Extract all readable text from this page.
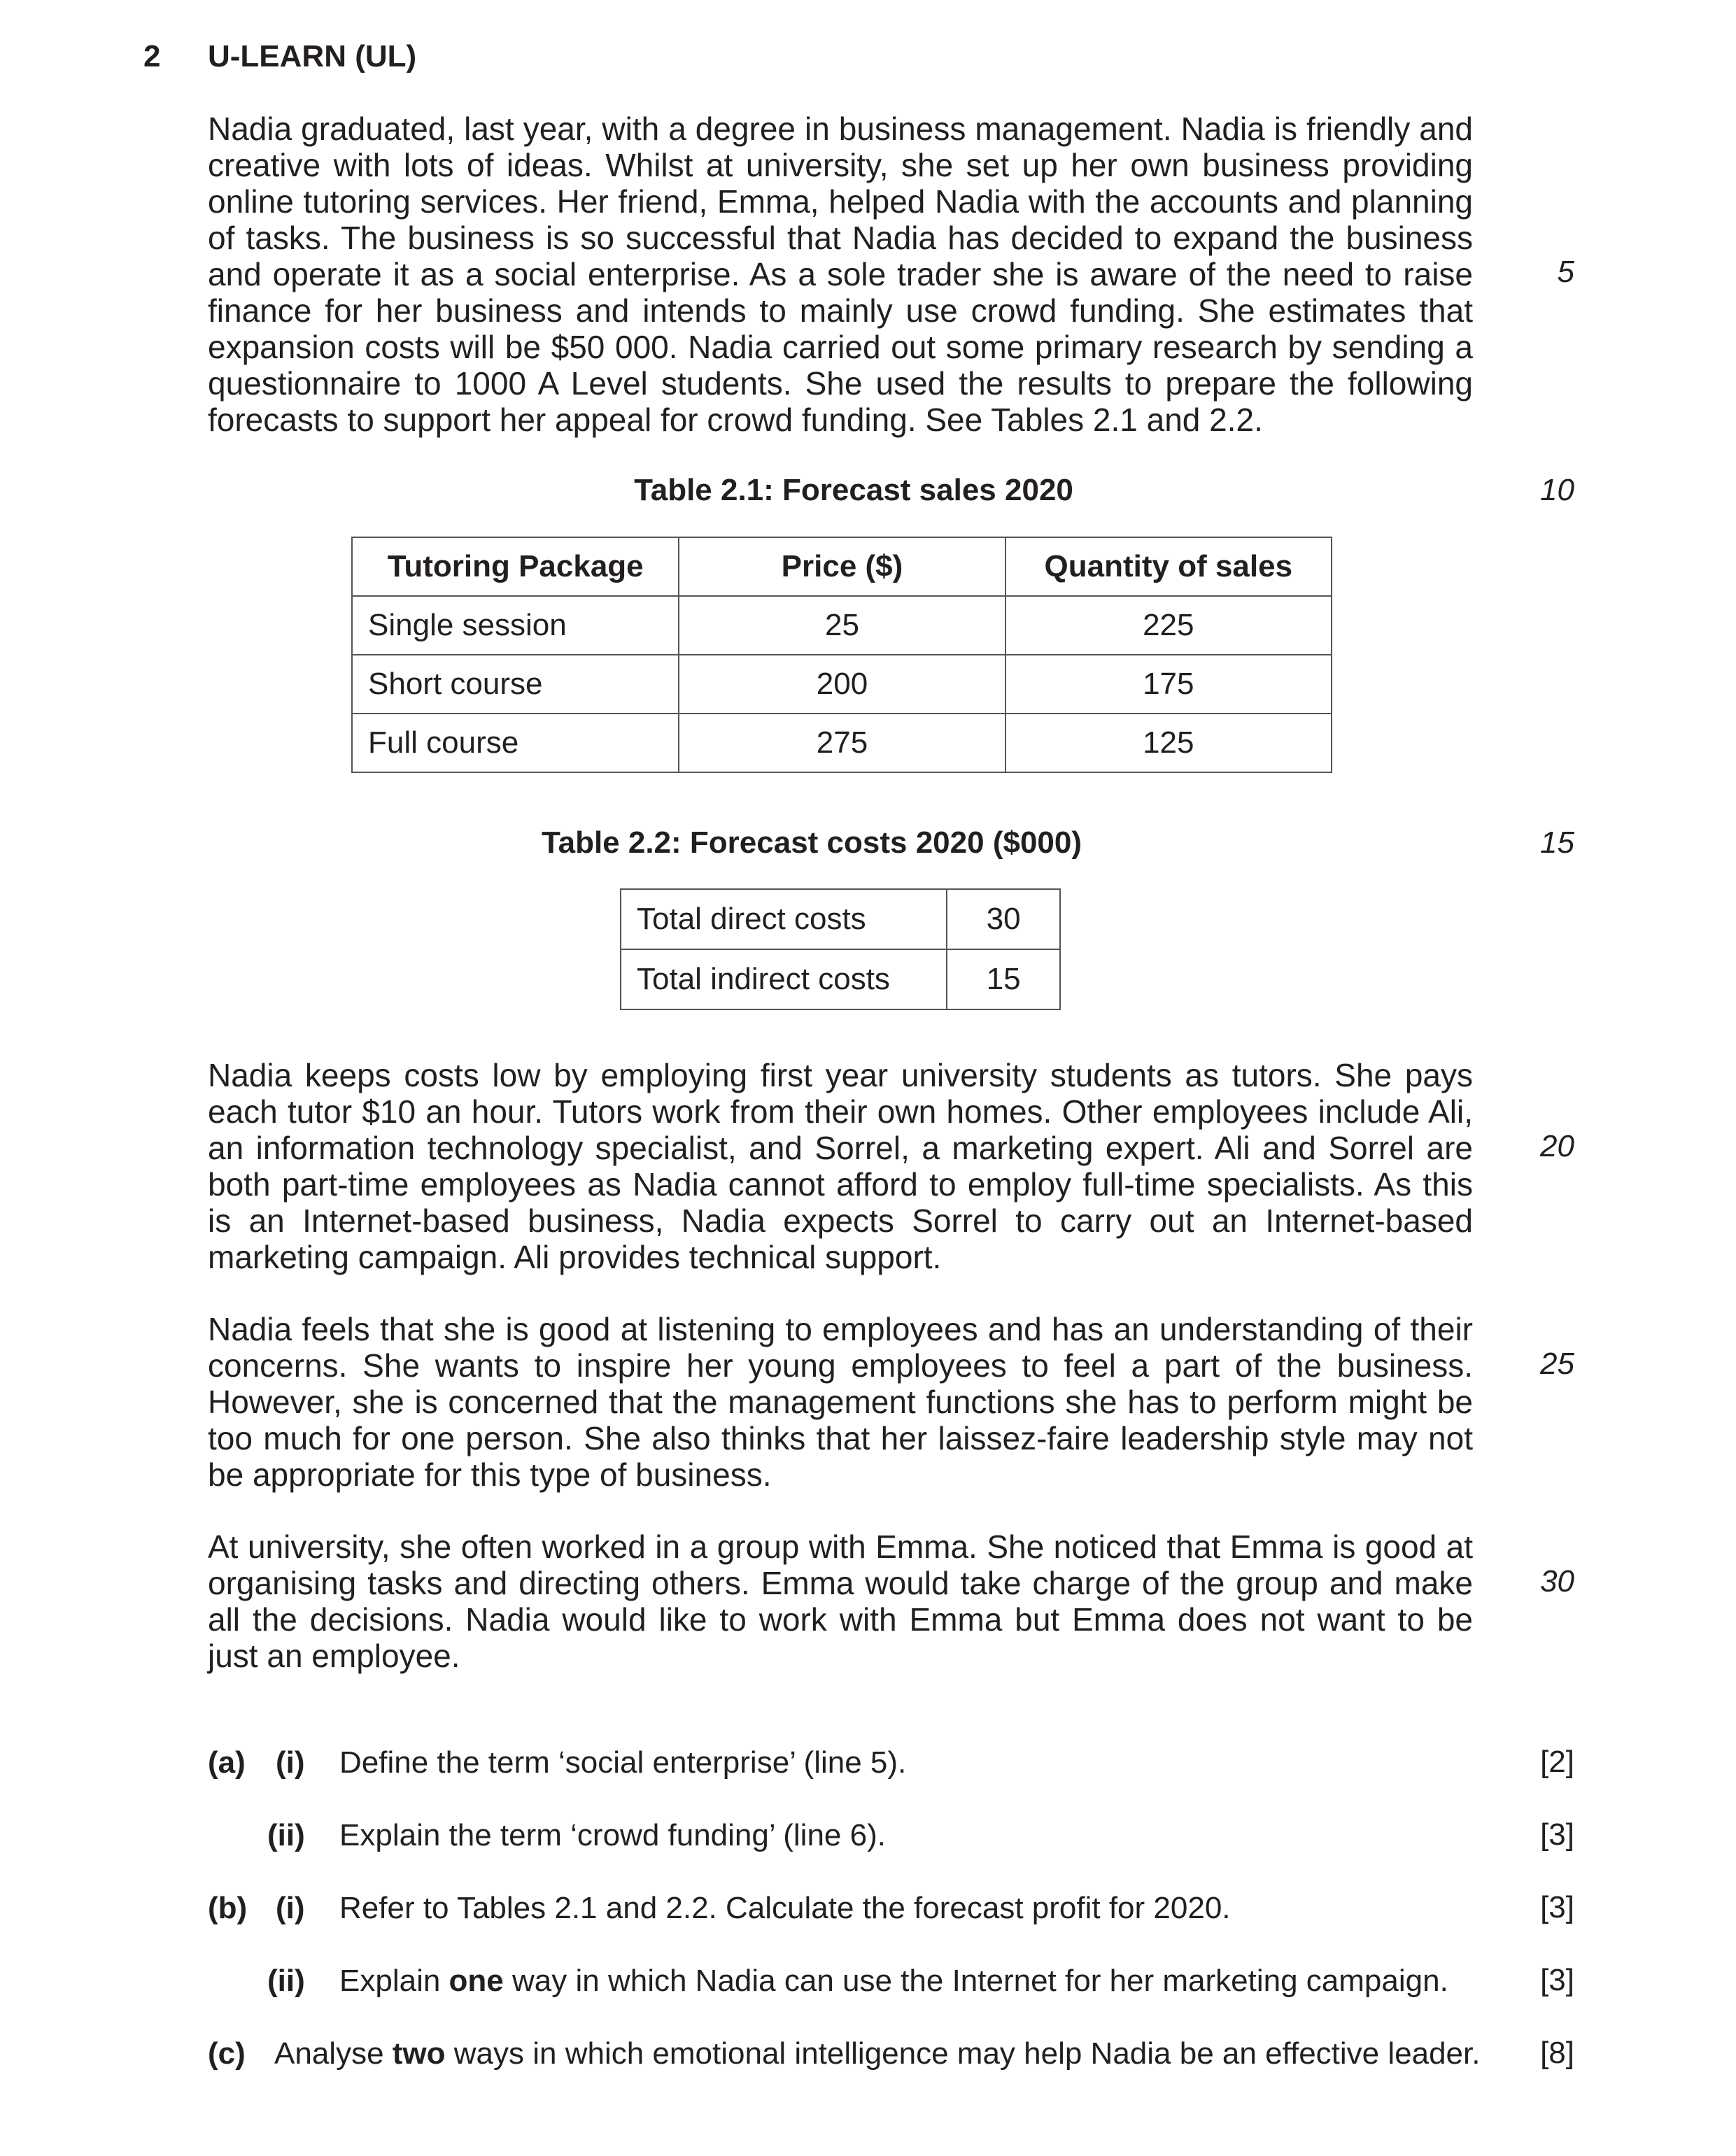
2 U-LEARN (UL)

Nadia graduated, last year, with a degree in business management. Nadia is friendly and creative with lots of ideas. Whilst at university, she set up her own business providing online tutoring services. Her friend, Emma, helped Nadia with the accounts and planning of tasks. The business is so successful that Nadia has decided to expand the business and operate it as a social enterprise. As a sole trader she is aware of the need to raise finance for her business and intends to mainly use crowd funding. She estimates that expansion costs will be $50 000. Nadia carried out some primary research by sending a questionnaire to 1000 A Level students. She used the results to prepare the following forecasts to support her appeal for crowd funding. See Tables 2.1 and 2.2.

5
Table 2.1: Forecast sales 2020	10
Tutoring Package	Price ($)	Quantity of sales
Single session	25	225
Short course	200	175
Full course	275	125
Table 2.2: Forecast costs 2020 ($000)	15
Total direct costs	30
Total indirect costs	15

Nadia keeps costs low by employing first year university students as tutors. She pays each tutor $10 an hour. Tutors work from their own homes. Other employees include Ali, an information technology specialist, and Sorrel, a marketing expert. Ali and Sorrel are both part-time employees as Nadia cannot afford to employ full-time specialists. As this is an Internet-based business, Nadia expects Sorrel to carry out an Internet-based marketing campaign. Ali provides technical support.

20

Nadia feels that she is good at listening to employees and has an understanding of their concerns. She wants to inspire her young employees to feel a part of the business. However, she is concerned that the management functions she has to perform might be too much for one person. She also thinks that her laissez-faire leadership style may not be appropriate for this type of business.

25

At university, she often worked in a group with Emma. She noticed that Emma is good at organising tasks and directing others. Emma would take charge of the group and make all the decisions. Nadia would like to work with Emma but Emma does not want to be just an employee.

30
(a) (i) Define the term ‘social enterprise’ (line 5).	[2]
(ii) Explain the term ‘crowd funding’ (line 6).	[3]
(b) (i) Refer to Tables 2.1 and 2.2. Calculate the forecast profit for 2020.	[3]
(ii) Explain one way in which Nadia can use the Internet for her marketing campaign.	[3]
(c) Analyse two ways in which emotional intelligence may help Nadia be an effective leader. [8]
